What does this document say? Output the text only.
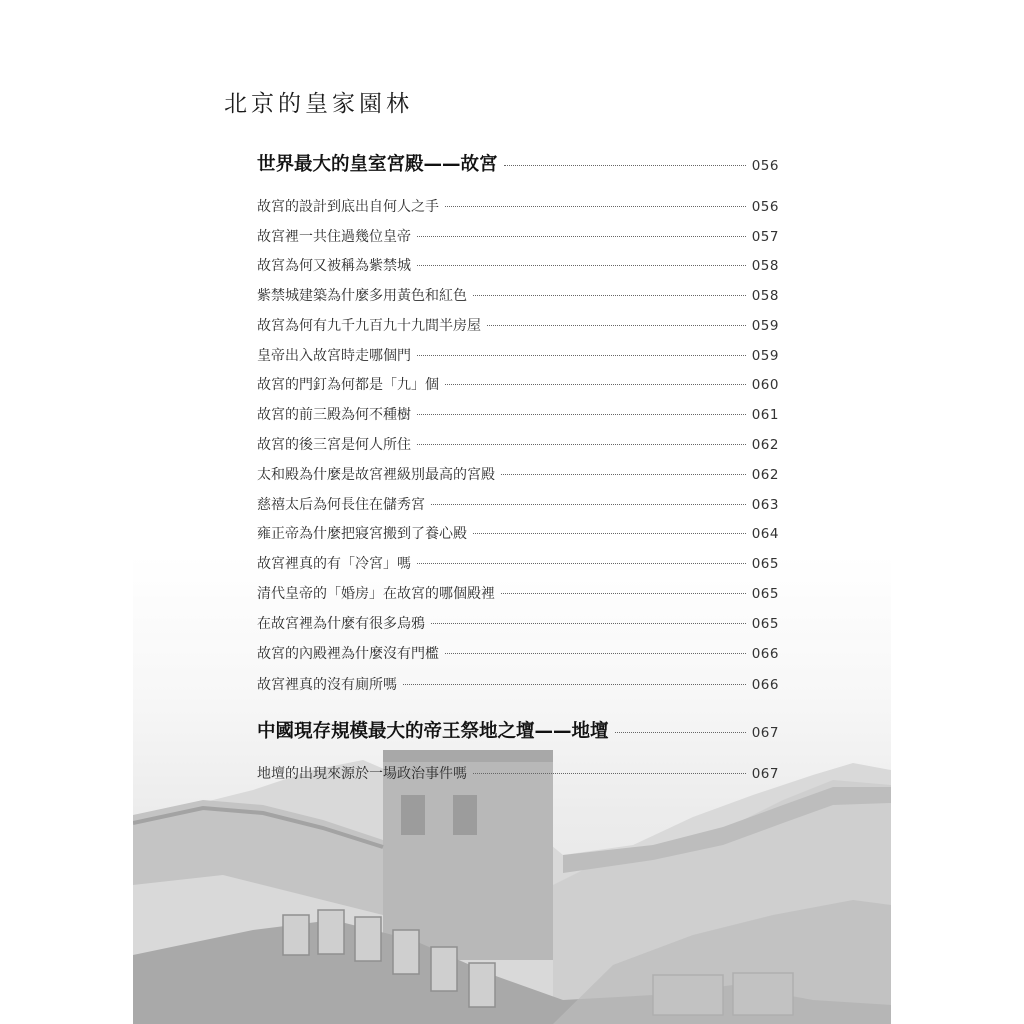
北京的皇家園林
世界最大的皇室宮殿——故宮	056
故宮的設計到底出自何人之手	056
故宮裡一共住過幾位皇帝	057
故宮為何又被稱為紫禁城	058
紫禁城建築為什麼多用黃色和紅色	058
故宮為何有九千九百九十九間半房屋	059
皇帝出入故宮時走哪個門	059
故宮的門釘為何都是「九」個	060
故宮的前三殿為何不種樹	061
故宮的後三宮是何人所住	062
太和殿為什麼是故宮裡級別最高的宮殿	062
慈禧太后為何長住在儲秀宮	063
雍正帝為什麼把寢宮搬到了養心殿	064
故宮裡真的有「冷宮」嗎	065
清代皇帝的「婚房」在故宮的哪個殿裡	065
在故宮裡為什麼有很多烏鴉	065
故宮的內殿裡為什麼沒有門檻	066
故宮裡真的沒有廁所嗎	066
中國現存規模最大的帝王祭地之壇——地壇	067
地壇的出現來源於一場政治事件嗎	067
